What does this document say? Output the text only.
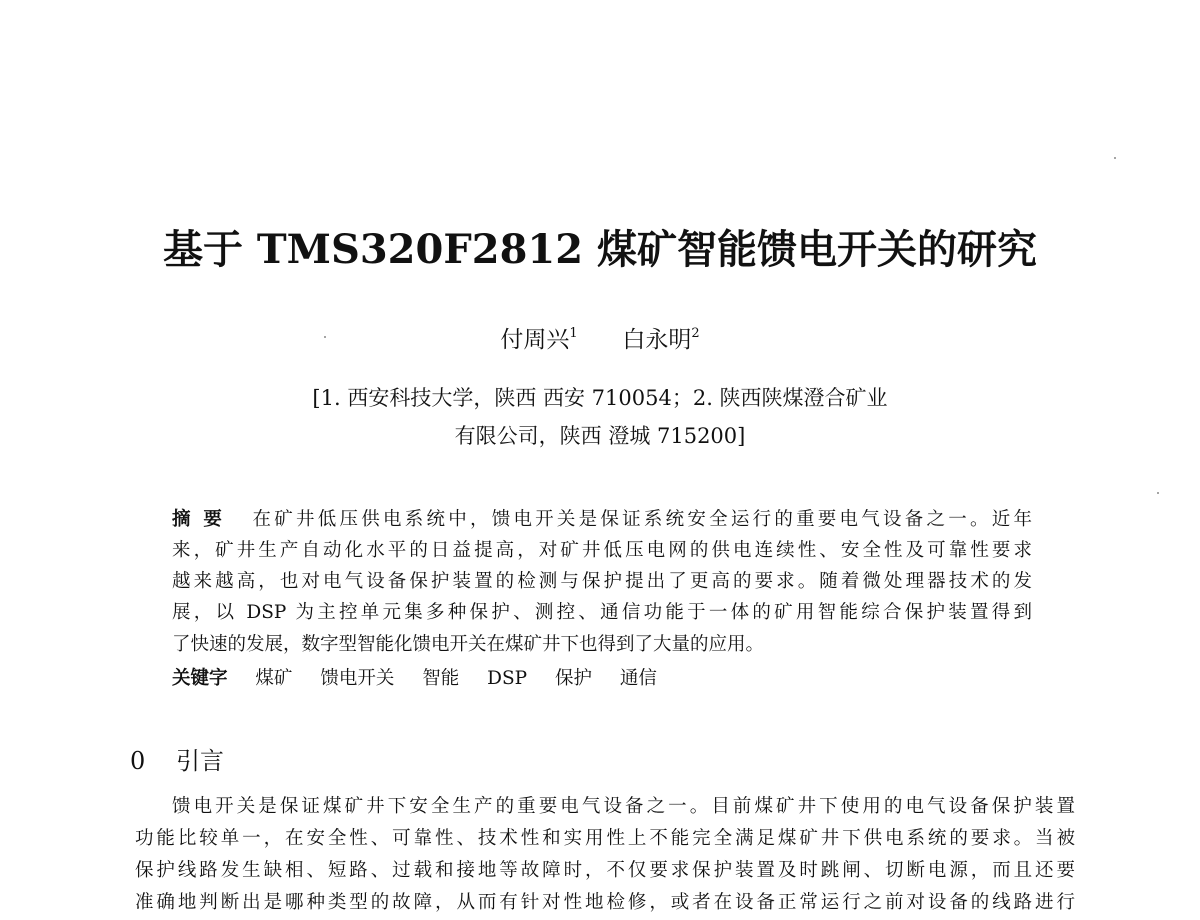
基于 TMS320F2812 煤矿智能馈电开关的研究
付周兴$^1$ 白永明$^2$
[1. 西安科技大学，陕西 西安 710054；2. 陕西陕煤澄合矿业
有限公司，陕西 澄城 715200]
摘 要 在矿井低压供电系统中，馈电开关是保证系统安全运行的重要电气设备之一。近年
来，矿井生产自动化水平的日益提高，对矿井低压电网的供电连续性、安全性及可靠性要求
越来越高，也对电气设备保护装置的检测与保护提出了更高的要求。随着微处理器技术的发
展，以 DSP 为主控单元集多种保护、测控、通信功能于一体的矿用智能综合保护装置得到
了快速的发展，数字型智能化馈电开关在煤矿井下也得到了大量的应用。
关键字 煤矿 馈电开关 智能 DSP 保护 通信
0 引言
馈电开关是保证煤矿井下安全生产的重要电气设备之一。目前煤矿井下使用的电气设备保护装置
功能比较单一，在安全性、可靠性、技术性和实用性上不能完全满足煤矿井下供电系统的要求。当被
保护线路发生缺相、短路、过载和接地等故障时，不仅要求保护装置及时跳闸、切断电源，而且还要
准确地判断出是哪种类型的故障，从而有针对性地检修，或者在设备正常运行之前对设备的线路进行
